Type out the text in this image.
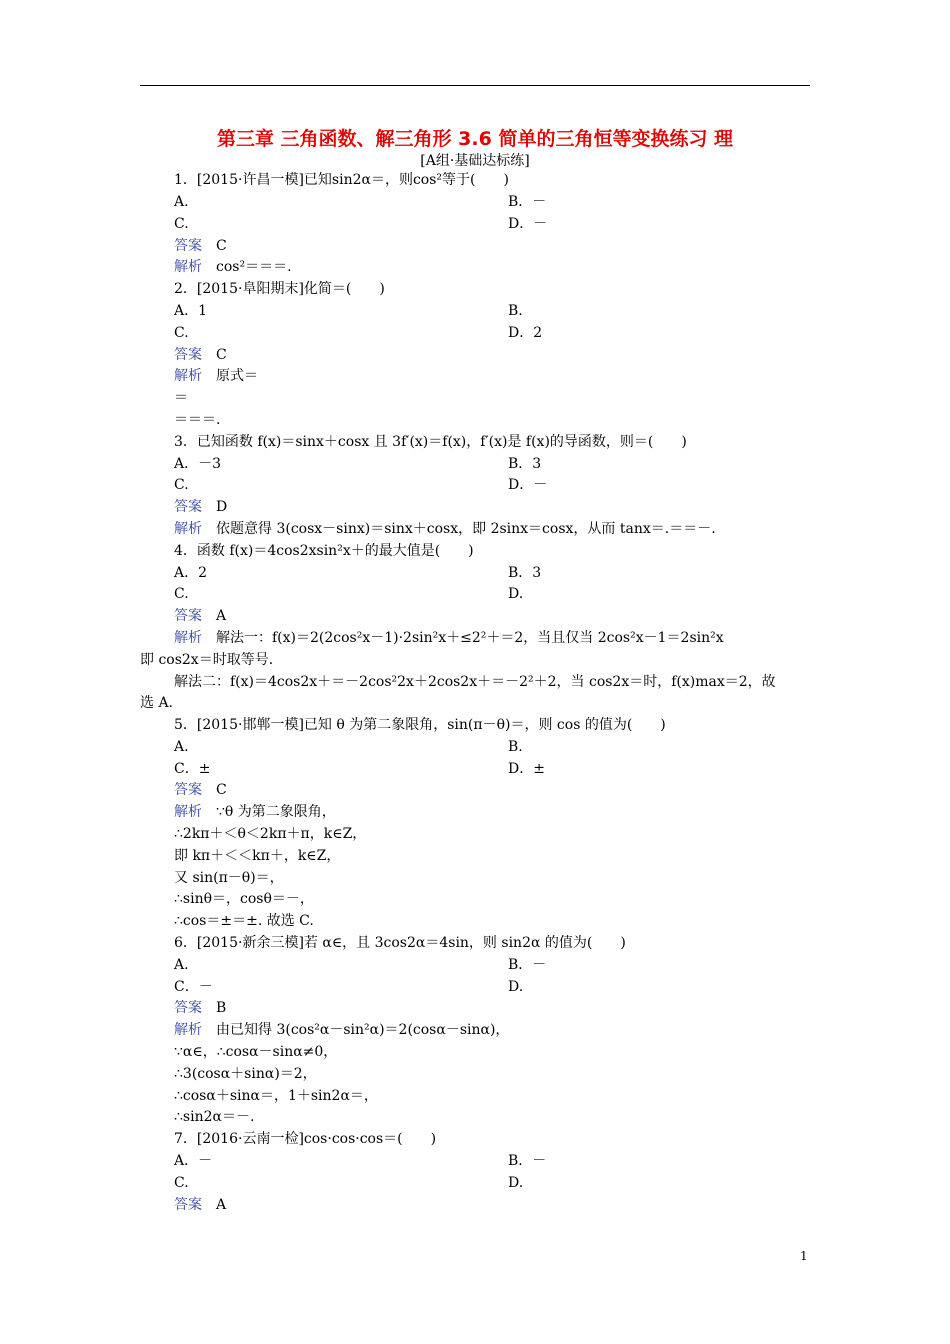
第三章 三角函数、解三角形 3.6 简单的三角恒等变换练习 理
[A组·基础达标练]
1．[2015·许昌一模]已知sin2α＝，则cos²等于(　　)
A.	B．－
C.	D．－
答案 C
解析 cos²＝＝＝.
2．[2015·阜阳期末]化简＝(　　)
A．1	B.
C.	D．2
答案 C
解析 原式＝
＝
＝＝＝.
3．已知函数 f(x)＝sinx＋cosx 且 3f′(x)＝f(x)，f′(x)是 f(x)的导函数，则＝(　　)
A．－3	B．3
C.	D．－
答案 D
解析 依题意得 3(cosx－sinx)＝sinx＋cosx，即 2sinx＝cosx，从而 tanx＝.＝＝－.
4．函数 f(x)＝4cos2xsin²x＋的最大值是(　　)
A．2	B．3
C.	D.
答案 A
解析 解法一：f(x)＝2(2cos²x－1)·2sin²x＋≤2²＋＝2，当且仅当 2cos²x－1＝2sin²x
即 cos2x＝时取等号.
解法二：f(x)＝4cos2x＋＝－2cos²2x＋2cos2x＋＝－2²＋2，当 cos2x＝时，f(x)max＝2，故
选 A.
5．[2015·邯郸一模]已知 θ 为第二象限角，sin(π－θ)＝，则 cos 的值为(　　)
A.	B.
C．±	D．±
答案 C
解析 ∵θ 为第二象限角，
∴2kπ＋＜θ＜2kπ＋π，k∈Z，
即 kπ＋＜＜kπ＋，k∈Z，
又 sin(π－θ)＝，
∴sinθ＝，cosθ＝－，
∴cos＝±＝±. 故选 C.
6．[2015·新余三模]若 α∈，且 3cos2α＝4sin，则 sin2α 的值为(　　)
A.	B．－
C．－	D.
答案 B
解析 由已知得 3(cos²α－sin²α)＝2(cosα－sinα)，
∵α∈，∴cosα－sinα≠0，
∴3(cosα＋sinα)＝2，
∴cosα＋sinα＝，1＋sin2α＝，
∴sin2α＝－.
7．[2016·云南一检]cos·cos·cos＝(　　)
A．－	B．－
C.	D.
答案 A
1
